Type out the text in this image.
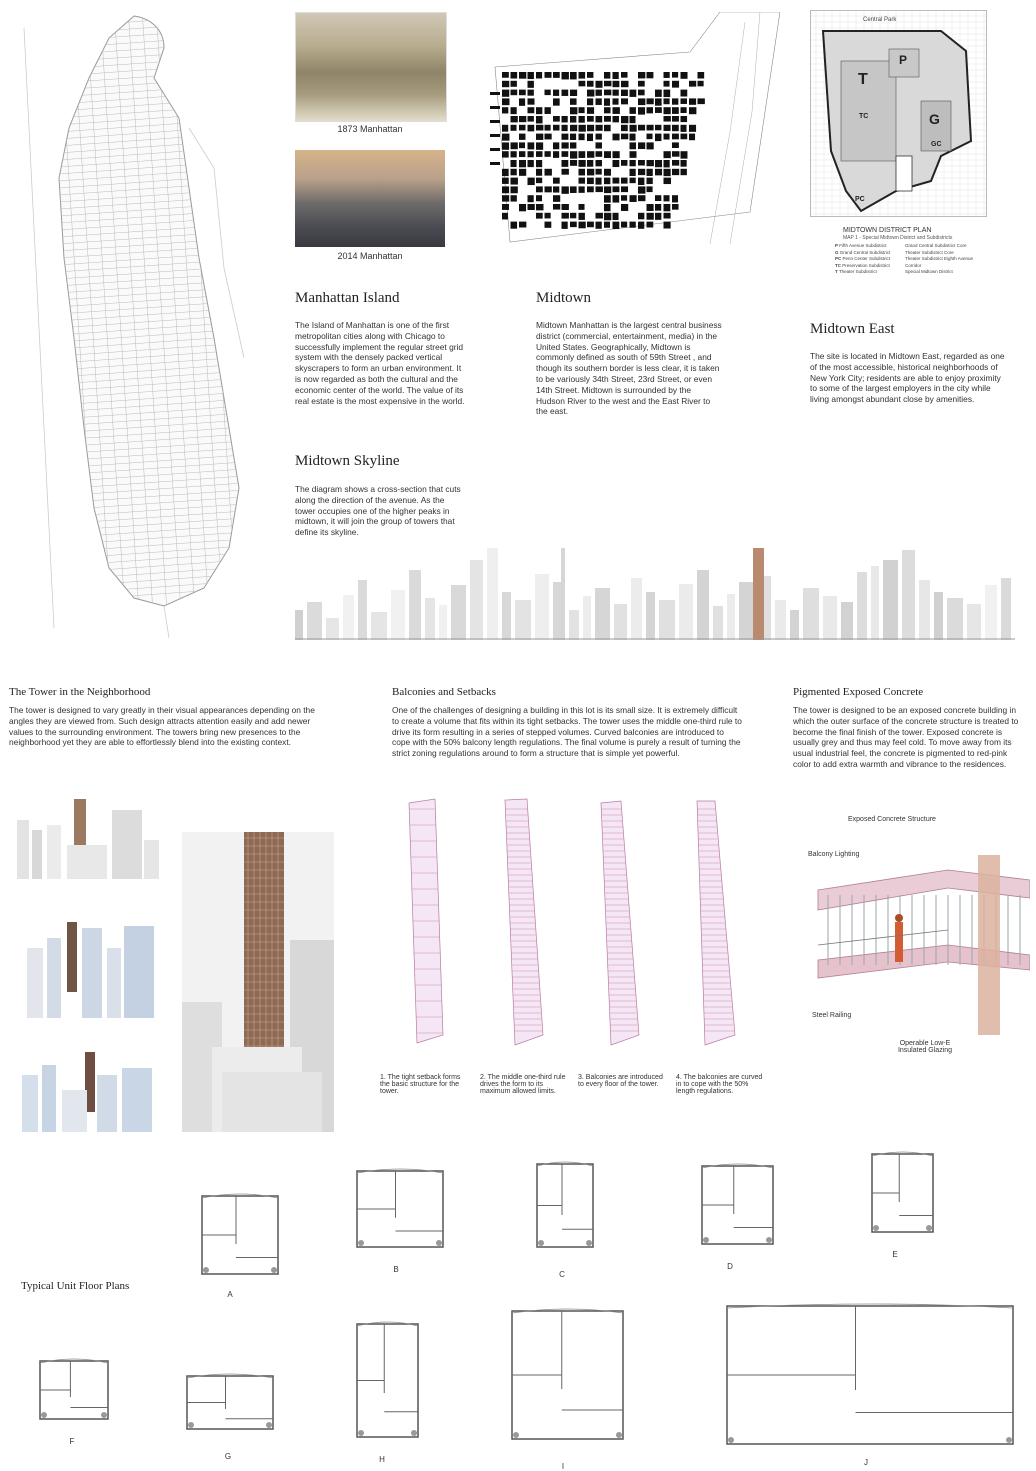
1873 Manhattan
2014 Manhattan
Central Park
T
P
G
TC
GC
PC
MIDTOWN DISTRICT PLAN
MAP 1 - Special Midtown District and Subdistricts
P Fifth Avenue Subdistrict
G Grand Central Subdistrict
PC Penn Center Subdistrict
TC Preservation Subdistrict
T Theater Subdistrict
Grand Central Subdistrict Core
Theater Subdistrict Core
Theater Subdistrict Eighth Avenue Corridor
Special Midtown District
Manhattan Island
The Island of Manhattan is one of the first metropolitan cities along with Chicago to successfully implement the regular street grid system with the densely packed vertical skyscrapers to form an urban environment. It is now regarded as both the cultural and the economic center of the world. The value of its real estate is the most expensive in the world.
Midtown
Midtown Manhattan is the largest central business district (commercial, entertainment, media) in the United States. Geographically, Midtown is commonly defined as south of 59th Street , and though its southern border is less clear, it is taken to be variously 34th Street, 23rd Street, or even 14th Street. Midtown is surrounded by the Hudson River to the west and the East River to the east.
Midtown East
The site is located in Midtown East, regarded as one of the most accessible, historical neighborhoods of New York City; residents are able to enjoy proximity to some of the largest employers in the city while living amongst abundant close by amenities.
Midtown Skyline
The diagram shows a cross-section that cuts along the direction of the avenue. As the tower occupies one of the higher peaks in midtown, it will join the group of towers that define its skyline.
The Tower in the Neighborhood
The tower is designed to vary greatly in their visual appearances depending on the angles they are viewed from. Such design attracts attention easily and add newer values to the surrounding environment. The towers bring new presences to the neighborhood yet they are able to effortlessly blend into the existing context.
Balconies and Setbacks
One of the challenges of designing a building in this lot is its small size. It is extremely difficult to create a volume that fits within its tight setbacks. The tower uses the middle one-third rule to drive its form resulting in a series of stepped volumes. Curved balconies are introduced to cope with the 50% balcony length regulations. The final volume is purely a result of turning the strict zoning regulations around to form a structure that is simple yet powerful.
Pigmented Exposed Concrete
The tower is designed to be an exposed concrete building in which the outer surface of the concrete structure is treated to become the final finish of the tower. Exposed concrete is usually grey and thus may feel cold. To move away from its usual industrial feel, the concrete is pigmented to red-pink color to add extra warmth and vibrance to the residences.
1. The tight setback forms the basic structure for the tower.
2. The middle one-third rule drives the form to its maximum allowed limits.
3. Balconies are introduced to every floor of the tower.
4. The balconies are curved in to cope with the 50% length regulations.
Exposed Concrete Structure
Balcony Lighting
Steel Railing
Operable Low-E Insulated Glazing
Typical Unit Floor Plans
A
B
C
D
E
F
G	H
I	J
